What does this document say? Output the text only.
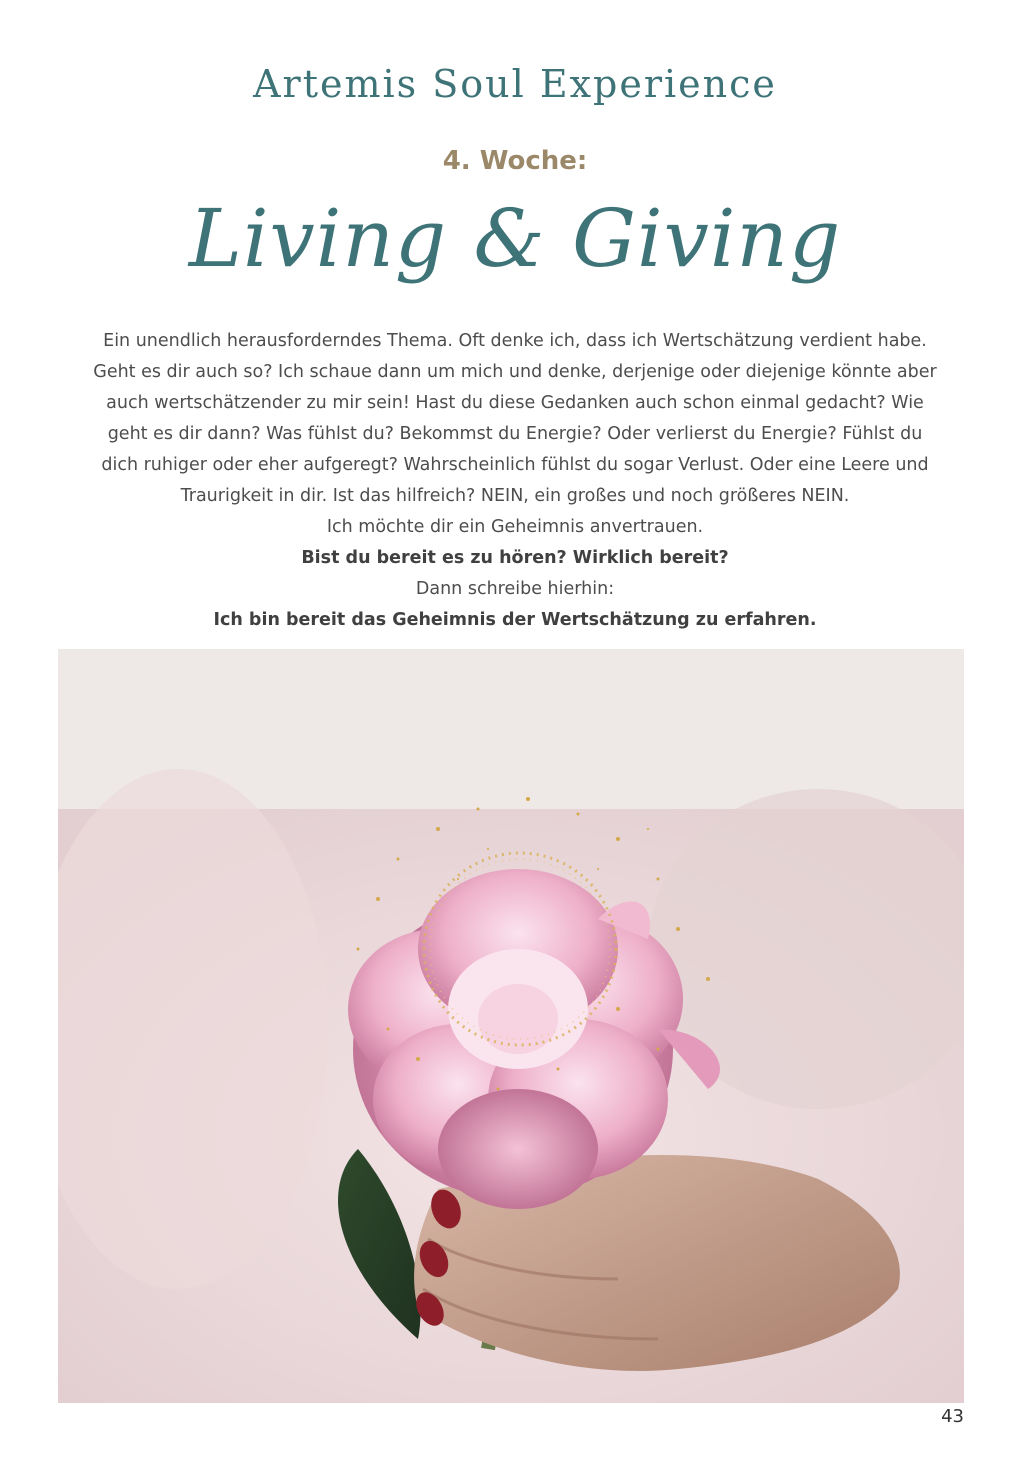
Artemis Soul Experience
4. Woche:
Living & Giving

Ein unendlich herausforderndes Thema. Oft denke ich, dass ich Wertschätzung verdient habe.

Geht es dir auch so? Ich schaue dann um mich und denke, derjenige oder diejenige könnte aber

auch wertschätzender zu mir sein! Hast du diese Gedanken auch schon einmal gedacht? Wie

geht es dir dann? Was fühlst du? Bekommst du Energie? Oder verlierst du Energie? Fühlst du

dich ruhiger oder eher aufgeregt? Wahrscheinlich fühlst du sogar Verlust. Oder eine Leere und

Traurigkeit in dir. Ist das hilfreich? NEIN, ein großes und noch größeres NEIN.

Ich möchte dir ein Geheimnis anvertrauen.

Bist du bereit es zu hören? Wirklich bereit?

Dann schreibe hierhin:

Ich bin bereit das Geheimnis der Wertschätzung zu erfahren.

43
